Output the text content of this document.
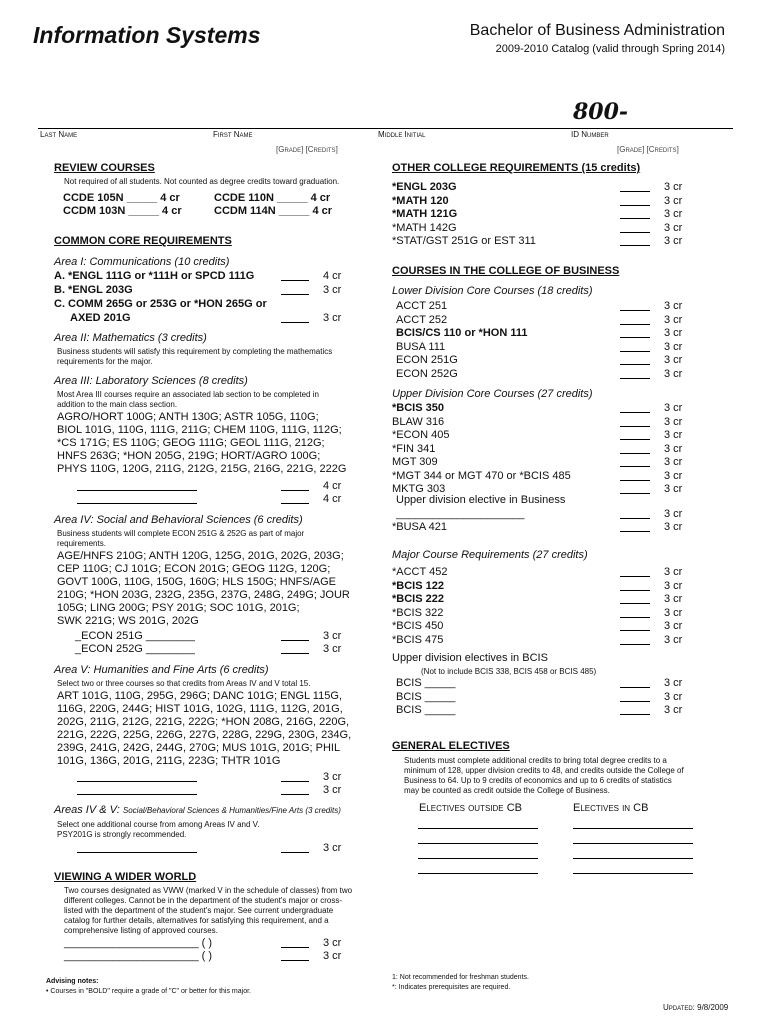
Information Systems	Bachelor of Business Administration
2009-2010 Catalog (valid through Spring 2014)
800-
Last Name	First Name	Middle Initial	ID Number
[Grade] [Credits]	[Grade] [Credits]
REVIEW COURSES
Not required of all students. Not counted as degree credits toward graduation.
CCDE 105N _____ 4 cr	CCDE 110N _____ 4 cr
CCDM 103N _____ 4 cr	CCDM 114N _____ 4 cr
COMMON CORE REQUIREMENTS
Area I: Communications (10 credits)
A. *ENGL 111G or *111H or SPCD 111G	4 cr
B. *ENGL 203G	3 cr
C. COMM 265G or 253G or *HON 265G or
AXED 201G	3 cr
Area II: Mathematics (3 credits)
Business students will satisfy this requirement by completing the mathematics
requirements for the major.
Area III: Laboratory Sciences (8 credits)
Most Area III courses require an associated lab section to be completed in
addition to the main class section.
AGRO/HORT 100G; ANTH 130G; ASTR 105G, 110G;
BIOL 101G, 110G, 111G, 211G; CHEM 110G, 111G, 112G;
*CS 171G; ES 110G; GEOG 111G; GEOL 111G, 212G;
HNFS 263G; *HON 205G, 219G; HORT/AGRO 100G;
PHYS 110G, 120G, 211G, 212G, 215G, 216G, 221G, 222G
4 cr
4 cr
Area IV: Social and Behavioral Sciences (6 credits)
Business students will complete ECON 251G & 252G as part of major
requirements.
AGE/HNFS 210G; ANTH 120G, 125G, 201G, 202G, 203G;
CEP 110G; CJ 101G; ECON 201G; GEOG 112G, 120G;
GOVT 100G, 110G, 150G, 160G; HLS 150G; HNFS/AGE
210G; *HON 203G, 232G, 235G, 237G, 248G, 249G; JOUR
105G; LING 200G; PSY 201G; SOC 101G, 201G;
SWK 221G; WS 201G, 202G
_ECON 251G ________	3 cr
_ECON 252G ________	3 cr
Area V: Humanities and Fine Arts (6 credits)
Select two or three courses so that credits from Areas IV and V total 15.
ART 101G, 110G, 295G, 296G; DANC 101G; ENGL 115G,
116G, 220G, 244G; HIST 101G, 102G, 111G, 112G, 201G,
202G, 211G, 212G, 221G, 222G; *HON 208G, 216G, 220G,
221G, 222G, 225G, 226G, 227G, 228G, 229G, 230G, 234G,
239G, 241G, 242G, 244G, 270G; MUS 101G, 201G; PHIL
101G, 136G, 201G, 211G, 223G; THTR 101G
3 cr
3 cr
Areas IV & V: Social/Behavioral Sciences & Humanities/Fine Arts (3 credits)
Select one additional course from among Areas IV and V.
PSY201G is strongly recommended.
3 cr
VIEWING A WIDER WORLD
Two courses designated as VWW (marked V in the schedule of classes) from two
different colleges. Cannot be in the department of the student's major or cross-
listed with the department of the student's major. See current undergraduate
catalog for further details, alternatives for satisfying this requirement, and a
comprehensive listing of approved courses.
______________________ ( )	3 cr
______________________ ( )	3 cr
Advising notes:
• Courses in "BOLD" require a grade of "C" or better for this major.
OTHER COLLEGE REQUIREMENTS (15 credits)
*ENGL 203G	3 cr
*MATH 120	3 cr
*MATH 121G	3 cr
*MATH 142G	3 cr
*STAT/GST 251G or EST 311	3 cr
COURSES IN THE COLLEGE OF BUSINESS
Lower Division Core Courses (18 credits)
ACCT 251	3 cr
ACCT 252	3 cr
BCIS/CS 110 or *HON 111	3 cr
BUSA 111	3 cr
ECON 251G	3 cr
ECON 252G	3 cr
Upper Division Core Courses (27 credits)
*BCIS 350	3 cr
BLAW 316	3 cr
*ECON 405	3 cr
*FIN 341	3 cr
MGT 309	3 cr
*MGT 344 or MGT 470 or *BCIS 485	3 cr
MKTG 303	3 cr
Upper division elective in Business
_____________________	3 cr
*BUSA 421	3 cr
Major Course Requirements (27 credits)
*ACCT 452	3 cr
*BCIS 122	3 cr
*BCIS 222	3 cr
*BCIS 322	3 cr
*BCIS 450	3 cr
*BCIS 475	3 cr
Upper division electives in BCIS
(Not to include BCIS 338, BCIS 458 or BCIS 485)
BCIS _____	3 cr
BCIS _____	3 cr
BCIS _____	3 cr
GENERAL ELECTIVES
Students must complete additional credits to bring total degree credits to a
minimum of 128, upper division credits to 48, and credits outside the College of
Business to 64. Up to 9 credits of economics and up to 6 credits of statistics
may be counted as credit outside the College of Business.
Electives outside CB	Electives in CB
1: Not recommended for freshman students.
*: Indicates prerequisites are required.
Updated: 9/8/2009
